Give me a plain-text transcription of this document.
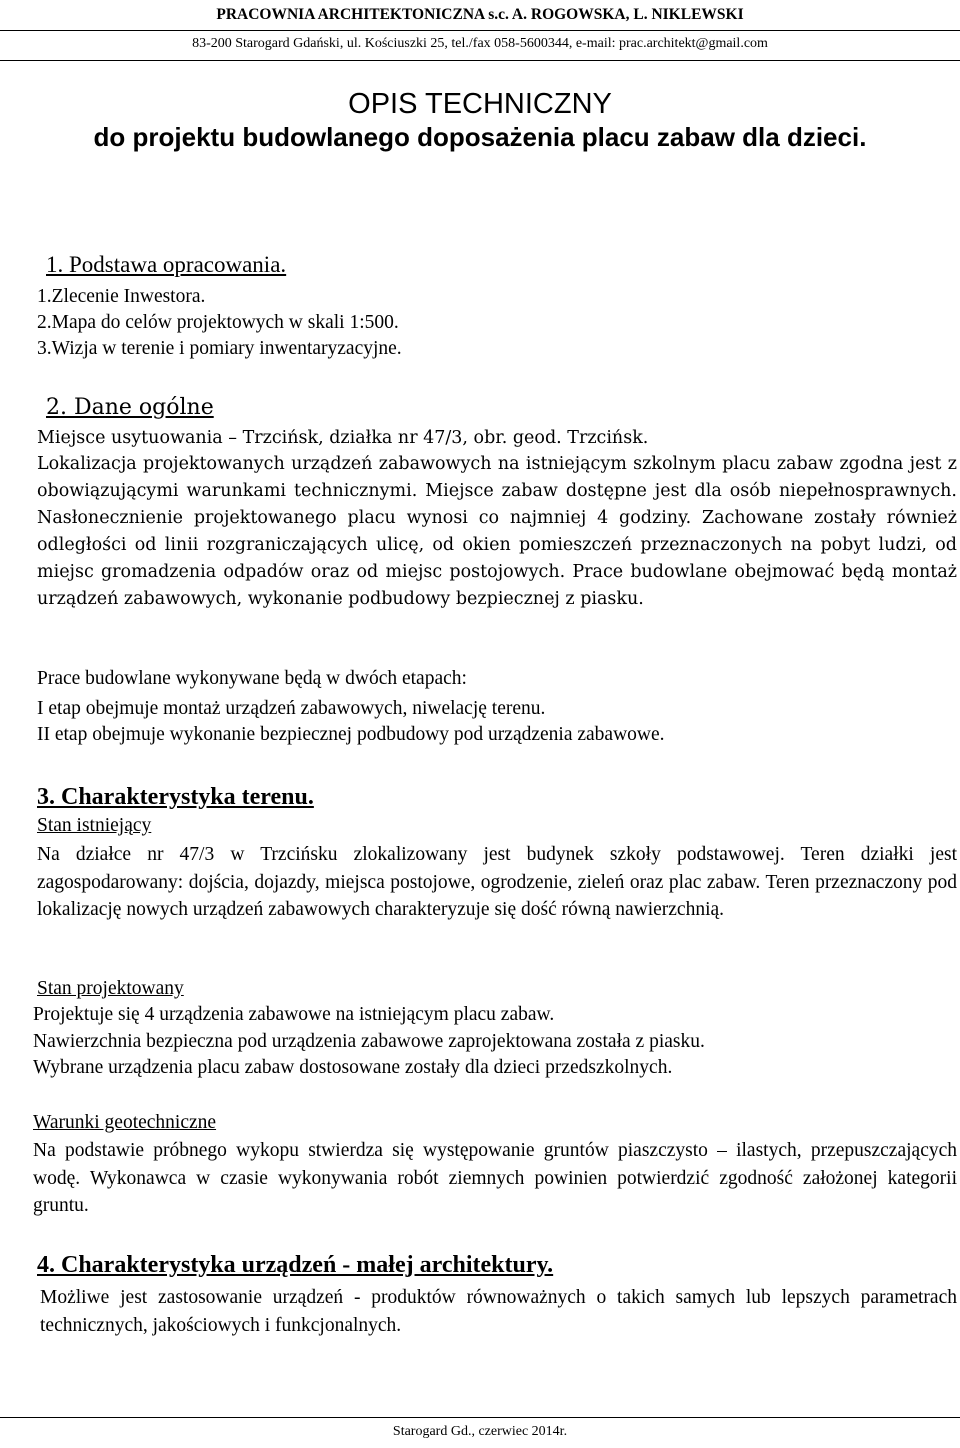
PRACOWNIA ARCHITEKTONICZNA s.c. A. ROGOWSKA, L. NIKLEWSKI
83-200 Starogard Gdański, ul. Kościuszki 25, tel./fax 058-5600344, e-mail: prac.architekt@gmail.com
OPIS TECHNICZNY
do projektu budowlanego doposażenia placu zabaw dla dzieci.
1. Podstawa opracowania.
1.Zlecenie Inwestora.
2.Mapa do celów projektowych w skali 1:500.
3.Wizja w terenie i pomiary inwentaryzacyjne.
2. Dane ogólne
Miejsce usytuowania – Trzcińsk, działka nr 47/3, obr. geod. Trzcińsk.
Lokalizacja projektowanych urządzeń zabawowych na istniejącym szkolnym placu zabaw zgodna jest z obowiązującymi warunkami technicznymi. Miejsce zabaw dostępne jest dla osób niepełnosprawnych. Nasłonecznienie projektowanego placu wynosi co najmniej 4 godziny. Zachowane zostały również odległości od linii rozgraniczających ulicę, od okien pomieszczeń przeznaczonych na pobyt ludzi, od miejsc gromadzenia odpadów oraz od miejsc postojowych. Prace budowlane obejmować będą montaż urządzeń zabawowych, wykonanie podbudowy bezpiecznej z piasku.
Prace budowlane wykonywane będą w dwóch etapach:
I etap obejmuje montaż urządzeń zabawowych, niwelację terenu.
II etap obejmuje wykonanie bezpiecznej podbudowy pod urządzenia zabawowe.
3. Charakterystyka terenu.
Stan istniejący
Na działce nr 47/3 w Trzcińsku zlokalizowany jest budynek szkoły podstawowej. Teren działki jest zagospodarowany: dojścia, dojazdy, miejsca postojowe, ogrodzenie, zieleń oraz plac zabaw. Teren przeznaczony pod lokalizację nowych urządzeń zabawowych charakteryzuje się dość równą nawierzchnią.
Stan projektowany
Projektuje się 4 urządzenia zabawowe na istniejącym placu zabaw.
Nawierzchnia bezpieczna pod urządzenia zabawowe zaprojektowana została z piasku.
Wybrane urządzenia placu zabaw dostosowane zostały dla dzieci przedszkolnych.
Warunki geotechniczne
Na podstawie próbnego wykopu stwierdza się występowanie gruntów piaszczysto – ilastych, przepuszczających wodę. Wykonawca w czasie wykonywania robót ziemnych powinien potwierdzić zgodność założonej kategorii gruntu.
4. Charakterystyka urządzeń - małej architektury.
Możliwe jest zastosowanie urządzeń - produktów równoważnych o takich samych lub lepszych parametrach technicznych, jakościowych i funkcjonalnych.
Starogard Gd., czerwiec 2014r.
